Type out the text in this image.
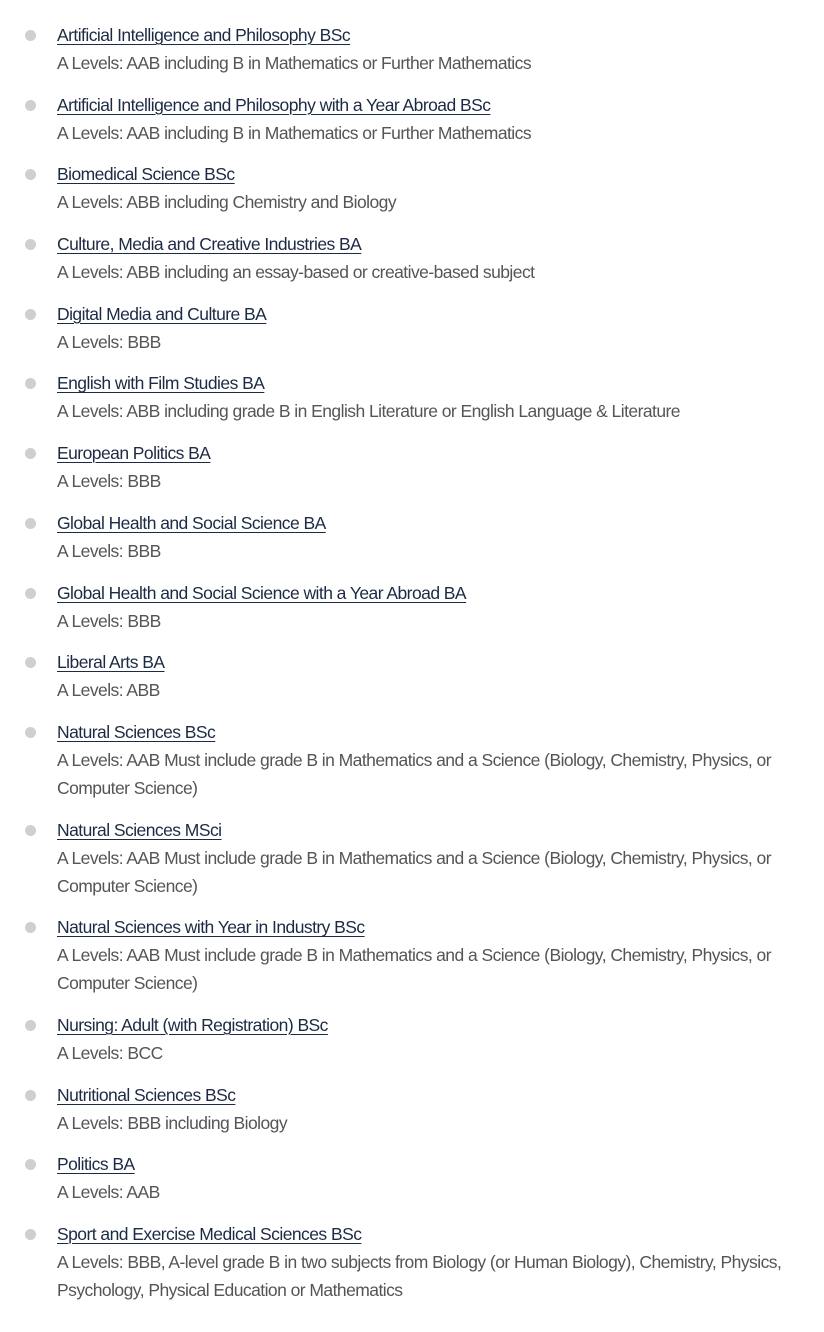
Artificial Intelligence and Philosophy BSc
A Levels: AAB including B in Mathematics or Further Mathematics
Artificial Intelligence and Philosophy with a Year Abroad BSc
A Levels: AAB including B in Mathematics or Further Mathematics
Biomedical Science BSc
A Levels: ABB including Chemistry and Biology
Culture, Media and Creative Industries BA
A Levels: ABB including an essay-based or creative-based subject
Digital Media and Culture BA
A Levels: BBB
English with Film Studies BA
A Levels: ABB including grade B in English Literature or English Language & Literature
European Politics BA
A Levels: BBB
Global Health and Social Science BA
A Levels: BBB
Global Health and Social Science with a Year Abroad BA
A Levels: BBB
Liberal Arts BA
A Levels: ABB
Natural Sciences BSc
A Levels: AAB Must include grade B in Mathematics and a Science (Biology, Chemistry, Physics, or Computer Science)
Natural Sciences MSci
A Levels: AAB Must include grade B in Mathematics and a Science (Biology, Chemistry, Physics, or Computer Science)
Natural Sciences with Year in Industry BSc
A Levels: AAB Must include grade B in Mathematics and a Science (Biology, Chemistry, Physics, or Computer Science)
Nursing: Adult (with Registration) BSc
A Levels: BCC
Nutritional Sciences BSc
A Levels: BBB including Biology
Politics BA
A Levels: AAB
Sport and Exercise Medical Sciences BSc
A Levels: BBB, A-level grade B in two subjects from Biology (or Human Biology), Chemistry, Physics, Psychology, Physical Education or Mathematics
